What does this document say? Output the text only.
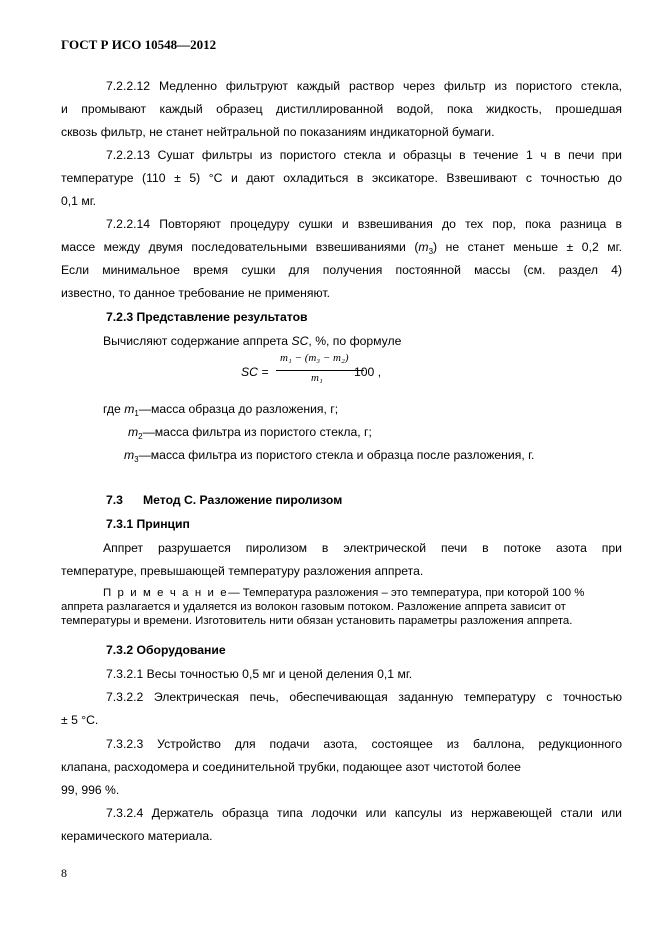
ГОСТ Р ИСО 10548—2012
7.2.2.12 Медленно фильтруют каждый раствор через фильтр из пористого стекла,
и промывают каждый образец дистиллированной водой, пока жидкость, прошедшая
сквозь фильтр, не станет нейтральной по показаниям индикаторной бумаги.
7.2.2.13 Сушат фильтры из пористого стекла и образцы в течение 1 ч в печи при
температуре (110 ± 5) °С и дают охладиться в эксикаторе. Взвешивают с точностью до
0,1 мг.
7.2.2.14 Повторяют процедуру сушки и взвешивания до тех пор, пока разница в
массе между двумя последовательными взвешиваниями $(m_3)$ не станет меньше ± 0,2 мг.
Если минимальное время сушки для получения постоянной массы (см. раздел 4)
известно, то данное требование не применяют.
7.2.3 Представление результатов
Вычисляют содержание аппрета SC, %, по формуле
SC =
m₁ − (m₃ − m₂)
m₁	100 ,
где $m_1—масса$ образца до разложения, г;
$m_2—масса$ фильтра из пористого стекла, г;
$m_3—масса$ фильтра из пористого стекла и образца после разложения, г.
7.3 Метод С. Разложение пиролизом
7.3.1 Принцип
Аппрет разрушается пиролизом в электрической печи в потоке азота при
температуре, превышающей температуру разложения аппрета.
П р и м е ч а н и е— Температура разложения – это температура, при которой 100 %
аппрета разлагается и удаляется из волокон газовым потоком. Разложение аппрета зависит от
температуры и времени. Изготовитель нити обязан установить параметры разложения аппрета.
7.3.2 Оборудование
7.3.2.1 Весы точностью 0,5 мг и ценой деления 0,1 мг.
7.3.2.2 Электрическая печь, обеспечивающая заданную температуру с точностью
± 5 °С.
7.3.2.3 Устройство для подачи азота, состоящее из баллона, редукционного
клапана, расходомера и соединительной трубки, подающее азот чистотой более
99, 996 %.
7.3.2.4 Держатель образца типа лодочки или капсулы из нержавеющей стали или
керамического материала.
8
